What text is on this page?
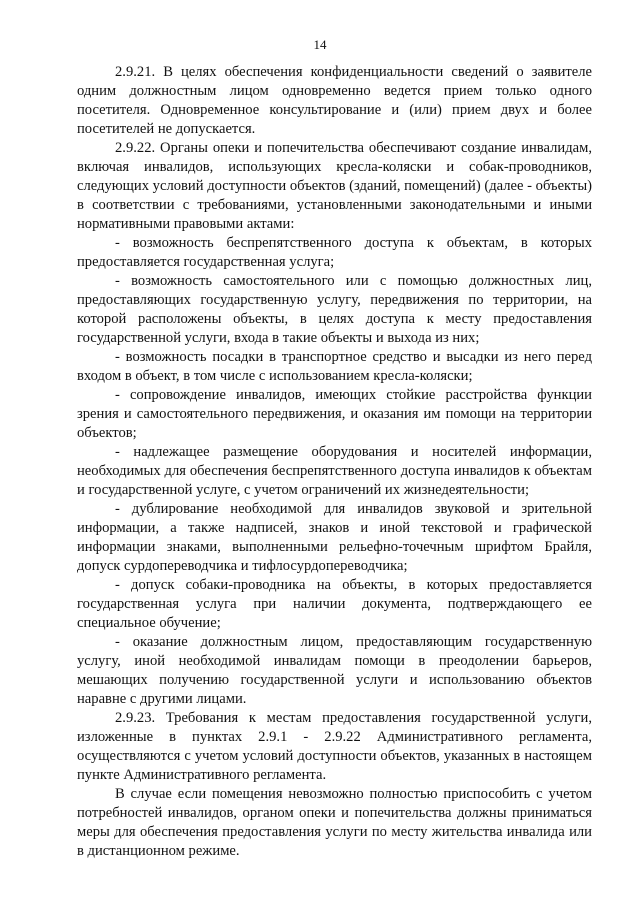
14

2.9.21. В целях обеспечения конфиденциальности сведений о заявителе одним должностным лицом одновременно ведется прием только одного посетителя. Одновременное консультирование и (или) прием двух и более посетителей не допускается.

2.9.22. Органы опеки и попечительства обеспечивают создание инвалидам, включая инвалидов, использующих кресла-коляски и собак-проводников, следующих условий доступности объектов (зданий, помещений) (далее - объекты) в соответствии с требованиями, установленными законодательными и иными нормативными правовыми актами:

- возможность беспрепятственного доступа к объектам, в которых предоставляется государственная услуга;

- возможность самостоятельного или с помощью должностных лиц, предоставляющих государственную услугу, передвижения по территории, на которой расположены объекты, в целях доступа к месту предоставления государственной услуги, входа в такие объекты и выхода из них;

- возможность посадки в транспортное средство и высадки из него перед входом в объект, в том числе с использованием кресла-коляски;

- сопровождение инвалидов, имеющих стойкие расстройства функции зрения и самостоятельного передвижения, и оказания им помощи на территории объектов;

- надлежащее размещение оборудования и носителей информации, необходимых для обеспечения беспрепятственного доступа инвалидов к объектам и государственной услуге, с учетом ограничений их жизнедеятельности;

- дублирование необходимой для инвалидов звуковой и зрительной информации, а также надписей, знаков и иной текстовой и графической информации знаками, выполненными рельефно-точечным шрифтом Брайля, допуск сурдопереводчика и тифлосурдопереводчика;

- допуск собаки-проводника на объекты, в которых предоставляется государственная услуга при наличии документа, подтверждающего ее специальное обучение;

- оказание должностным лицом, предоставляющим государственную услугу, иной необходимой инвалидам помощи в преодолении барьеров, мешающих получению государственной услуги и использованию объектов наравне с другими лицами.

2.9.23. Требования к местам предоставления государственной услуги, изложенные в пунктах 2.9.1 - 2.9.22 Административного регламента, осуществляются с учетом условий доступности объектов, указанных в настоящем пункте Административного регламента.

В случае если помещения невозможно полностью приспособить с учетом потребностей инвалидов, органом опеки и попечительства должны приниматься меры для обеспечения предоставления услуги по месту жительства инвалида или в дистанционном режиме.
